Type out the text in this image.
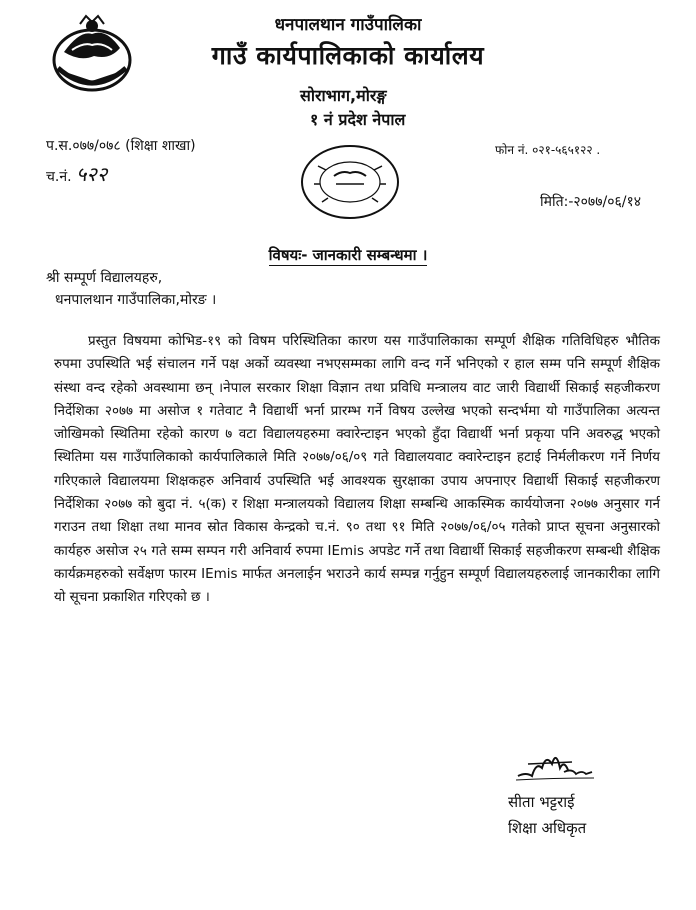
धनपालथान गाउँपालिका
गाउँ कार्यपालिकाको कार्यालय
सोराभाग,मोरङ्ग
१ नं प्रदेश नेपाल
प.स.०७७/०७८ (शिक्षा शाखा)
च.नं. ५२२
फोन नं. ०२१-५६५१२२ .
मिति:-२०७७/०६/१४
विषयः- जानकारी सम्बन्धमा ।
श्री सम्पूर्ण विद्यालयहरु,
धनपालथान गाउँपालिका,मोरङ ।
प्रस्तुत विषयमा कोभिड-१९ को विषम परिस्थितिका कारण यस गाउँपालिकाका सम्पूर्ण शैक्षिक गतिविधिहरु भौतिक रुपमा उपस्थिति भई संचालन गर्ने पक्ष अर्को व्यवस्था नभएसम्मका लागि वन्द गर्ने भनिएको र हाल सम्म पनि सम्पूर्ण शैक्षिक संस्था वन्द रहेको अवस्थामा छन् ।नेपाल सरकार शिक्षा विज्ञान तथा प्रविधि मन्त्रालय वाट जारी विद्यार्थी सिकाई सहजीकरण निर्देशिका २०७७ मा असोज १ गतेवाट नै विद्यार्थी भर्ना प्रारम्भ गर्ने विषय उल्लेख भएको सन्दर्भमा यो गाउँपालिका अत्यन्त जोखिमको स्थितिमा रहेको कारण ७ वटा विद्यालयहरुमा क्वारेन्टाइन भएको हुँदा विद्यार्थी भर्ना प्रकृया पनि अवरुद्ध भएको स्थितिमा यस गाउँपालिकाको कार्यपालिकाले मिति २०७७/०६/०९ गते विद्यालयवाट क्वारेन्टाइन हटाई निर्मलीकरण गर्ने निर्णय गरिएकाले विद्यालयमा शिक्षकहरु अनिवार्य उपस्थिति भई आवश्यक सुरक्षाका उपाय अपनाएर विद्यार्थी सिकाई सहजीकरण निर्देशिका २०७७ को बुदा नं. ५(क) र शिक्षा मन्त्रालयको विद्यालय शिक्षा सम्बन्धि आकस्मिक कार्ययोजना २०७७ अनुसार गर्न गराउन तथा शिक्षा तथा मानव स्रोत विकास केन्द्रको च.नं. ९० तथा ९१ मिति २०७७/०६/०५ गतेको प्राप्त सूचना अनुसारको कार्यहरु असोज २५ गते सम्म सम्पन गरी अनिवार्य रुपमा IEmis अपडेट गर्ने तथा विद्यार्थी सिकाई सहजीकरण सम्बन्धी शैक्षिक कार्यक्रमहरुको सर्वेक्षण फारम IEmis मार्फत अनलाईन भराउने कार्य सम्पन्न गर्नुहुन सम्पूर्ण विद्यालयहरुलाई जानकारीका लागि यो सूचना प्रकाशित गरिएको छ ।
सीता भट्टराई
शिक्षा अधिकृत
